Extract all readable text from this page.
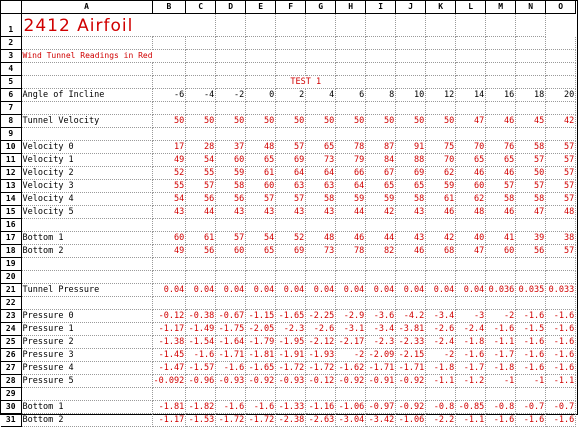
	A	B	C	D	E	F	G	H	I	J	K	L	M	N	O
1	2412 Airfoil														
2															
3	Wind Tunnel Readings in Red														
4															
5						TEST 1									
6	Angle of Incline	-6	-4	-2	0	2	4	6	8	10	12	14	16	18	20
7															
8	Tunnel Velocity	50	50	50	50	50	50	50	50	50	50	47	46	45	42
9															
10	Velocity 0	17	28	37	48	57	65	78	87	91	75	70	76	58	57
11	Velocity 1	49	54	60	65	69	73	79	84	88	70	65	65	57	57
12	Velocity 2	52	55	59	61	64	64	66	67	69	62	46	46	50	57
13	Velocity 3	55	57	58	60	63	63	64	65	65	59	60	57	57	57
14	Velocity 4	54	56	56	57	57	58	59	59	58	61	62	58	58	57
15	Velocity 5	43	44	43	43	43	43	44	42	43	46	48	46	47	48
16															
17	Bottom 1	60	61	57	54	52	48	46	44	43	42	40	41	39	38
18	Bottom 2	49	56	60	65	69	73	78	82	46	68	47	60	56	57
19															
20															
21	Tunnel Pressure	0.04	0.04	0.04	0.04	0.04	0.04	0.04	0.04	0.04	0.04	0.04	0.036	0.035	0.033
22															
23	Pressure 0	-0.12	-0.38	-0.67	-1.15	-1.65	-2.25	-2.9	-3.6	-4.2	-3.4	-3	-2	-1.6	-1.6
24	Pressure 1	-1.17	-1.49	-1.75	-2.05	-2.3	-2.6	-3.1	-3.4	-3.81	-2.6	-2.4	-1.6	-1.5	-1.6
25	Pressure 2	-1.38	-1.54	-1.64	-1.79	-1.95	-2.12	-2.17	-2.3	-2.33	-2.4	-1.8	-1.1	-1.6	-1.6
26	Pressure 3	-1.45	-1.6	-1.71	-1.81	-1.91	-1.93	-2	-2.09	-2.15	-2	-1.6	-1.7	-1.6	-1.6
27	Pressure 4	-1.47	-1.57	-1.6	-1.65	-1.72	-1.72	-1.62	-1.71	-1.71	-1.8	-1.7	-1.8	-1.6	-1.6
28	Pressure 5	-0.092	-0.96	-0.93	-0.92	-0.93	-0.12	-0.92	-0.91	-0.92	-1.1	-1.2	-1	-1	-1.1
29															
30	Bottom 1	-1.81	-1.82	-1.6	-1.6	-1.33	-1.16	-1.06	-0.97	-0.92	-0.8	-0.85	-0.8	-0.7	-0.7
31	Bottom 2	-1.17	-1.53	-1.72	-1.72	-2.38	-2.63	-3.04	-3.42	-1.06	-2.2	-1.1	-1.6	-1.6	-1.6
